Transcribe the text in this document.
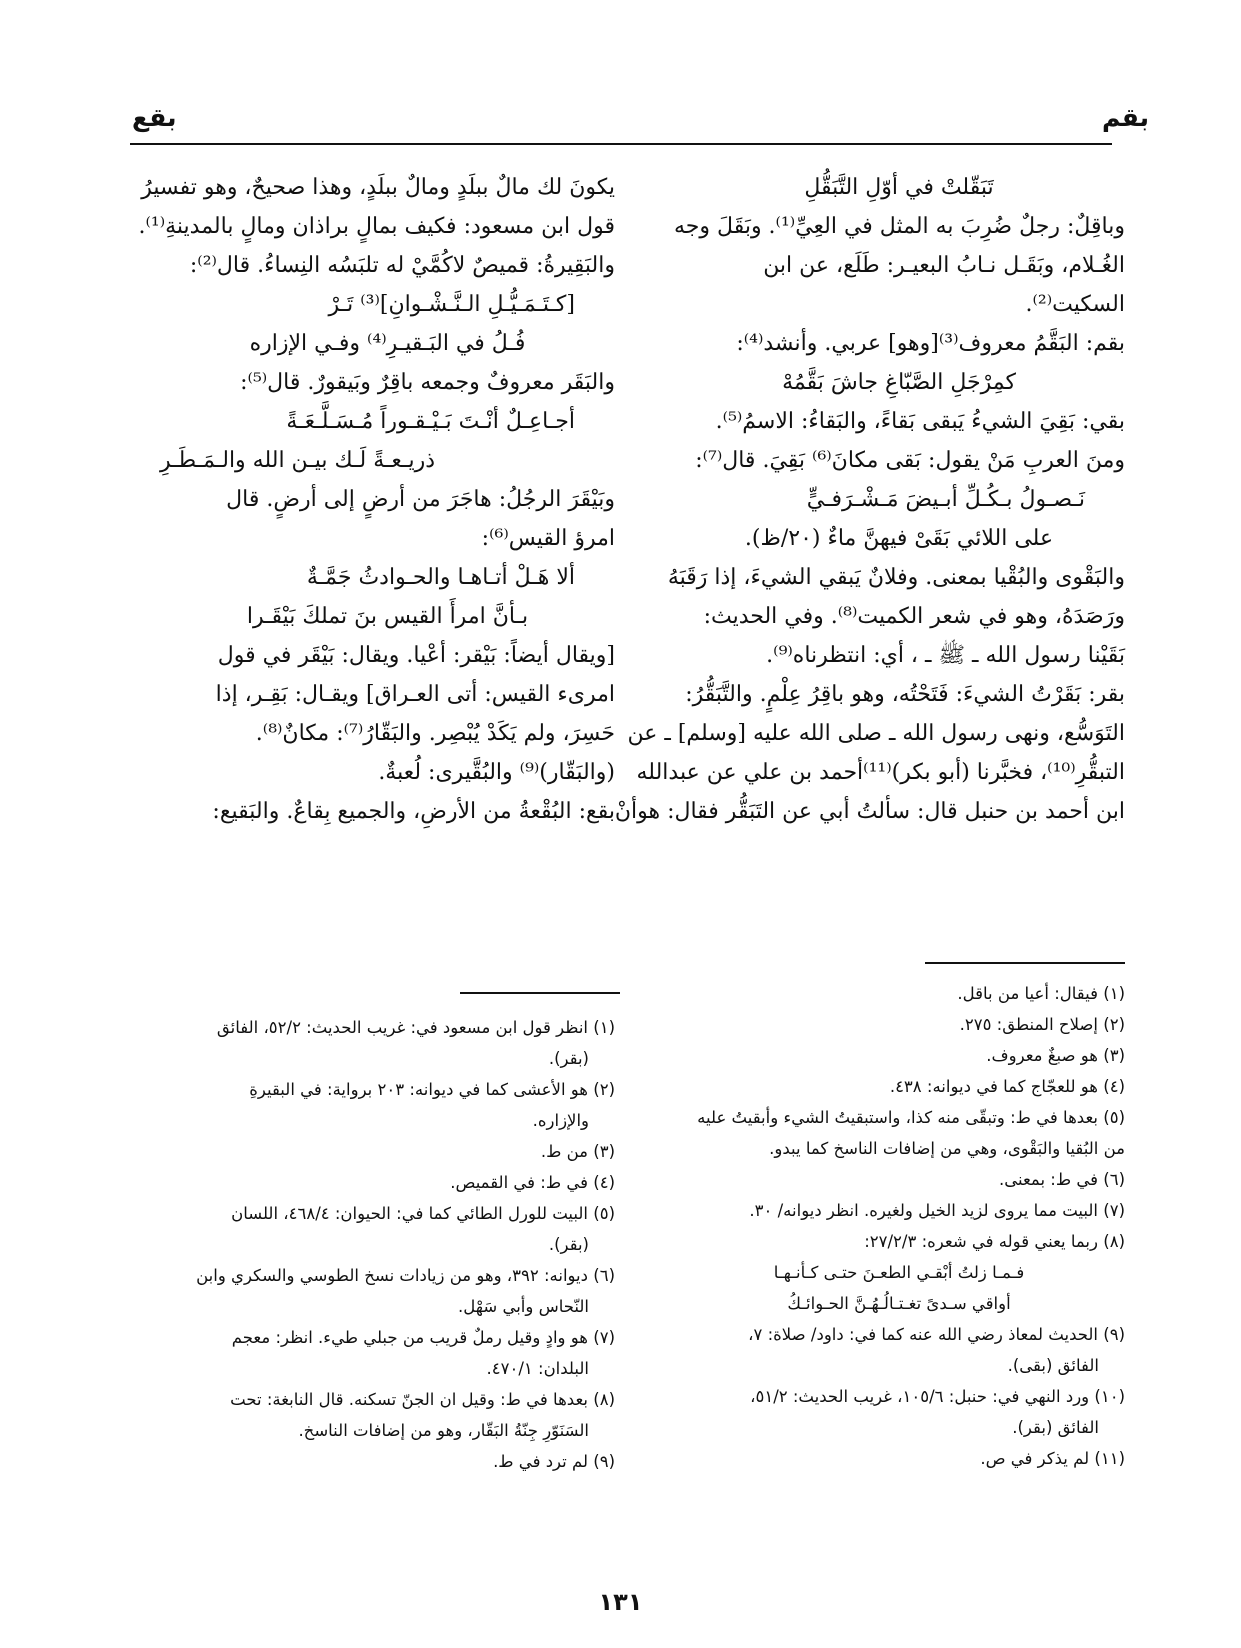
بقم
بقع
تَبَقّلتْ في أوّلِ التَّبَقُّلِ
وباقِلٌ: رجلٌ ضُرِبَ به المثل في العِيِّ⁽¹⁾. وبَقَلَ وجه
الغُـلام، وبَقَـل نـابُ البعيـر: طَلَع، عن ابن
السكيت⁽²⁾.
بقم: البَقَّمُ معروف⁽³⁾[وهو] عربي. وأنشد⁽⁴⁾:
كمِرْجَلِ الصَّبّاغِ جاشَ بَقَّمُهْ
بقي: بَقِيَ الشيءُ يَبقى بَقاءً، والبَقاءُ: الاسمُ⁽⁵⁾.
ومنَ العربِ مَنْ يقول: بَقى مكانَ⁽⁶⁾ بَقِيَ. قال⁽⁷⁾:
نَـصـولُ بـكُـلِّ أبـيضَ مَـشْـرَفـيٍّ
على اللائي بَقَىْ فيهنَّ ماءٌ (٢٠/ظ).
والبَقْوى والبُقْيا بمعنى. وفلانٌ يَبقي الشيءَ، إذا رَقَبَهُ
ورَصَدَهُ، وهو في شعر الكميت⁽⁸⁾. وفي الحديث:
بَقَيْنا رسول الله ـ ﷺ ـ ، أي: انتظرناه⁽⁹⁾.
بقر: بَقَرْتُ الشيءَ: فَتَحْتُه، وهو باقِرُ عِلْمٍ. والتَّبَقُّرُ:
التَوَسُّع، ونهى رسول الله ـ صلى الله عليه [وسلم] ـ عن
التبقُّرِ⁽¹⁰⁾، فخبَّرنا (أبو بكر)⁽¹¹⁾أحمد بن علي عن عبدالله
ابن أحمد بن حنبل قال: سألتُ أبي عن التَبَقُّر فقال: هوأنْ
يكونَ لك مالٌ ببلَدٍ ومالٌ ببلَدٍ، وهذا صحيحٌ، وهو تفسيرُ
قول ابن مسعود: فكيف بمالٍ براذان ومالٍ بالمدينةِ⁽¹⁾.
والبَقِيرةُ: قميصٌ لاكُمَّيْ له تلبَسُه النِساءُ. قال⁽²⁾:
[كـتَـمَـيُّـلِ الـنَّـشْـوانِ]⁽³⁾ تَـرْ
فُـلُ في البَـقيـرِ⁽⁴⁾ وفـي الإزاره
والبَقَر معروفٌ وجمعه باقِرٌ وبَيقورٌ. قال⁽⁵⁾:
أجـاعِـلٌ أنْـتَ بَـيْـقـوراً مُـسَـلَّـعَـةً
ذريـعـةً لَـك بيـن الله والـمَـطَـرِ
وبَيْقَرَ الرجُلُ: هاجَرَ من أرضٍ إلى أرضٍ. قال
امرؤ القيس⁽⁶⁾:
ألا هَـلْ أتـاهـا والحـوادثُ جَمَّـةٌ
بـأنَّ امرأَ القيس بنَ تملكَ بَيْقَـرا
[ويقال أيضاً: بَيْقر: أعْيا. ويقال: بَيْقَر في قول
امرىء القيس: أتى العـراق] ويقـال: بَقِـر، إذا
حَسِرَ، ولم يَكَدْ يُبْصِر. والبَقّارُ⁽⁷⁾: مكانٌ⁽⁸⁾.
(والبَقّار)⁽⁹⁾ والبُقَّيرى: لُعبةٌ.
بقع: البُقْعةُ من الأرضِ، والجميع بِقاعٌ. والبَقيع:
(١) فيقال: أعيا من باقل.
(٢) إصلاح المنطق: ٢٧٥.
(٣) هو صبغٌ معروف.
(٤) هو للعجّاج كما في ديوانه: ٤٣٨.
(٥) بعدها في ط: وتبقّى منه كذا، واستبقيتُ الشيء وأبقيتُ عليه
من البُقيا والبَقْوى، وهي من إضافات الناسخ كما يبدو.
(٦) في ط: بمعنى.
(٧) البيت مما يروى لزيد الخيل ولغيره. انظر ديوانه/ ٣٠.
(٨) ربما يعني قوله في شعره: ٢٧/٢/٣:
فـمـا زلتُ أبْقـي الطعـنَ حتـى كـأنـهـا
أواقي سـدىً تغـتـالُـهُـنَّ الحـوائـكُ
(٩) الحديث لمعاذ رضي الله عنه كما في: داود/ صلاة: ٧،
الفائق (بقى).
(١٠) ورد النهي في: حنبل: ١٠٥/٦، غريب الحديث: ٥١/٢،
الفائق (بقر).
(١١) لم يذكر في ص.
(١) انظر قول ابن مسعود في: غريب الحديث: ٥٢/٢، الفائق
(بقر).
(٢) هو الأعشى كما في ديوانه: ٢٠٣ برواية: في البقيرةِ
والإزاره.
(٣) من ط.
(٤) في ط: في القميص.
(٥) البيت للورل الطائي كما في: الحيوان: ٤٦٨/٤، اللسان
(بقر).
(٦) ديوانه: ٣٩٢، وهو من زيادات نسخ الطوسي والسكري وابن
النّحاس وأبي سَهْل.
(٧) هو وادٍ وقيل رملٌ قريب من جبلي طيء. انظر: معجم
البلدان: ٤٧٠/١.
(٨) بعدها في ط: وقيل ان الجنّ تسكنه. قال النابغة: تحت
السَنَوّرِ جِنّةُ البَقّار، وهو من إضافات الناسخ.
(٩) لم ترد في ط.
١٣١
